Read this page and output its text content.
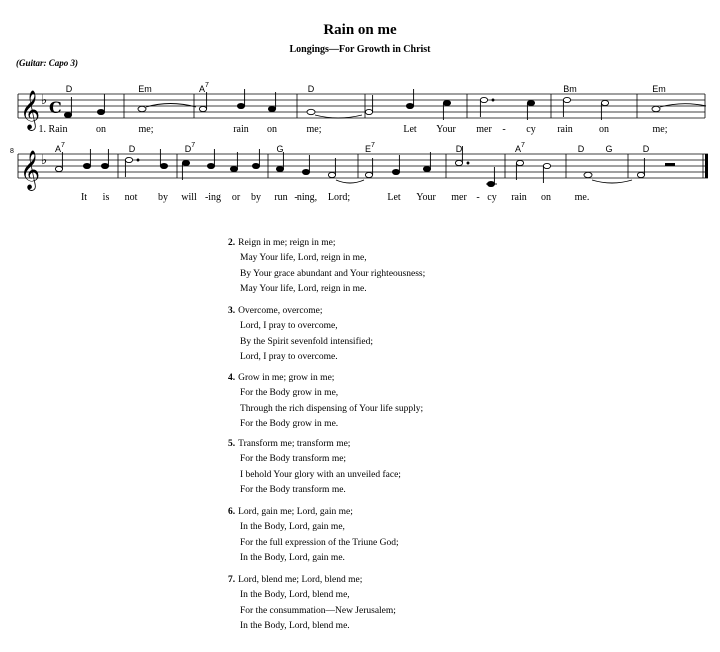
Rain on me
Longings—For Growth in Christ
(Guitar: Capo 3)
𝄞
𝄞
♭
♭
C
8
D	Em	$A^7$	D	Bm	Em
1. Rain	on	me;	rain on	me;	Let Your mer - cy rain	on	me;
$A^7$	D	$D^7$	G	$E^7$	D	$A^7$	D G	D
It is not by will -ing or by run - ning, Lord;	Let Your mer - cy rain on me.
2. Reign in me; reign in me;
May Your life, Lord, reign in me,
By Your grace abundant and Your righteousness;
May Your life, Lord, reign in me.
3. Overcome, overcome;
Lord, I pray to overcome,
By the Spirit sevenfold intensified;
Lord, I pray to overcome.
4. Grow in me; grow in me;
For the Body grow in me,
Through the rich dispensing of Your life supply;
For the Body grow in me.
5. Transform me; transform me;
For the Body transform me;
I behold Your glory with an unveiled face;
For the Body transform me.
6. Lord, gain me; Lord, gain me;
In the Body, Lord, gain me,
For the full expression of the Triune God;
In the Body, Lord, gain me.
7. Lord, blend me; Lord, blend me;
In the Body, Lord, blend me,
For the consummation—New Jerusalem;
In the Body, Lord, blend me.
